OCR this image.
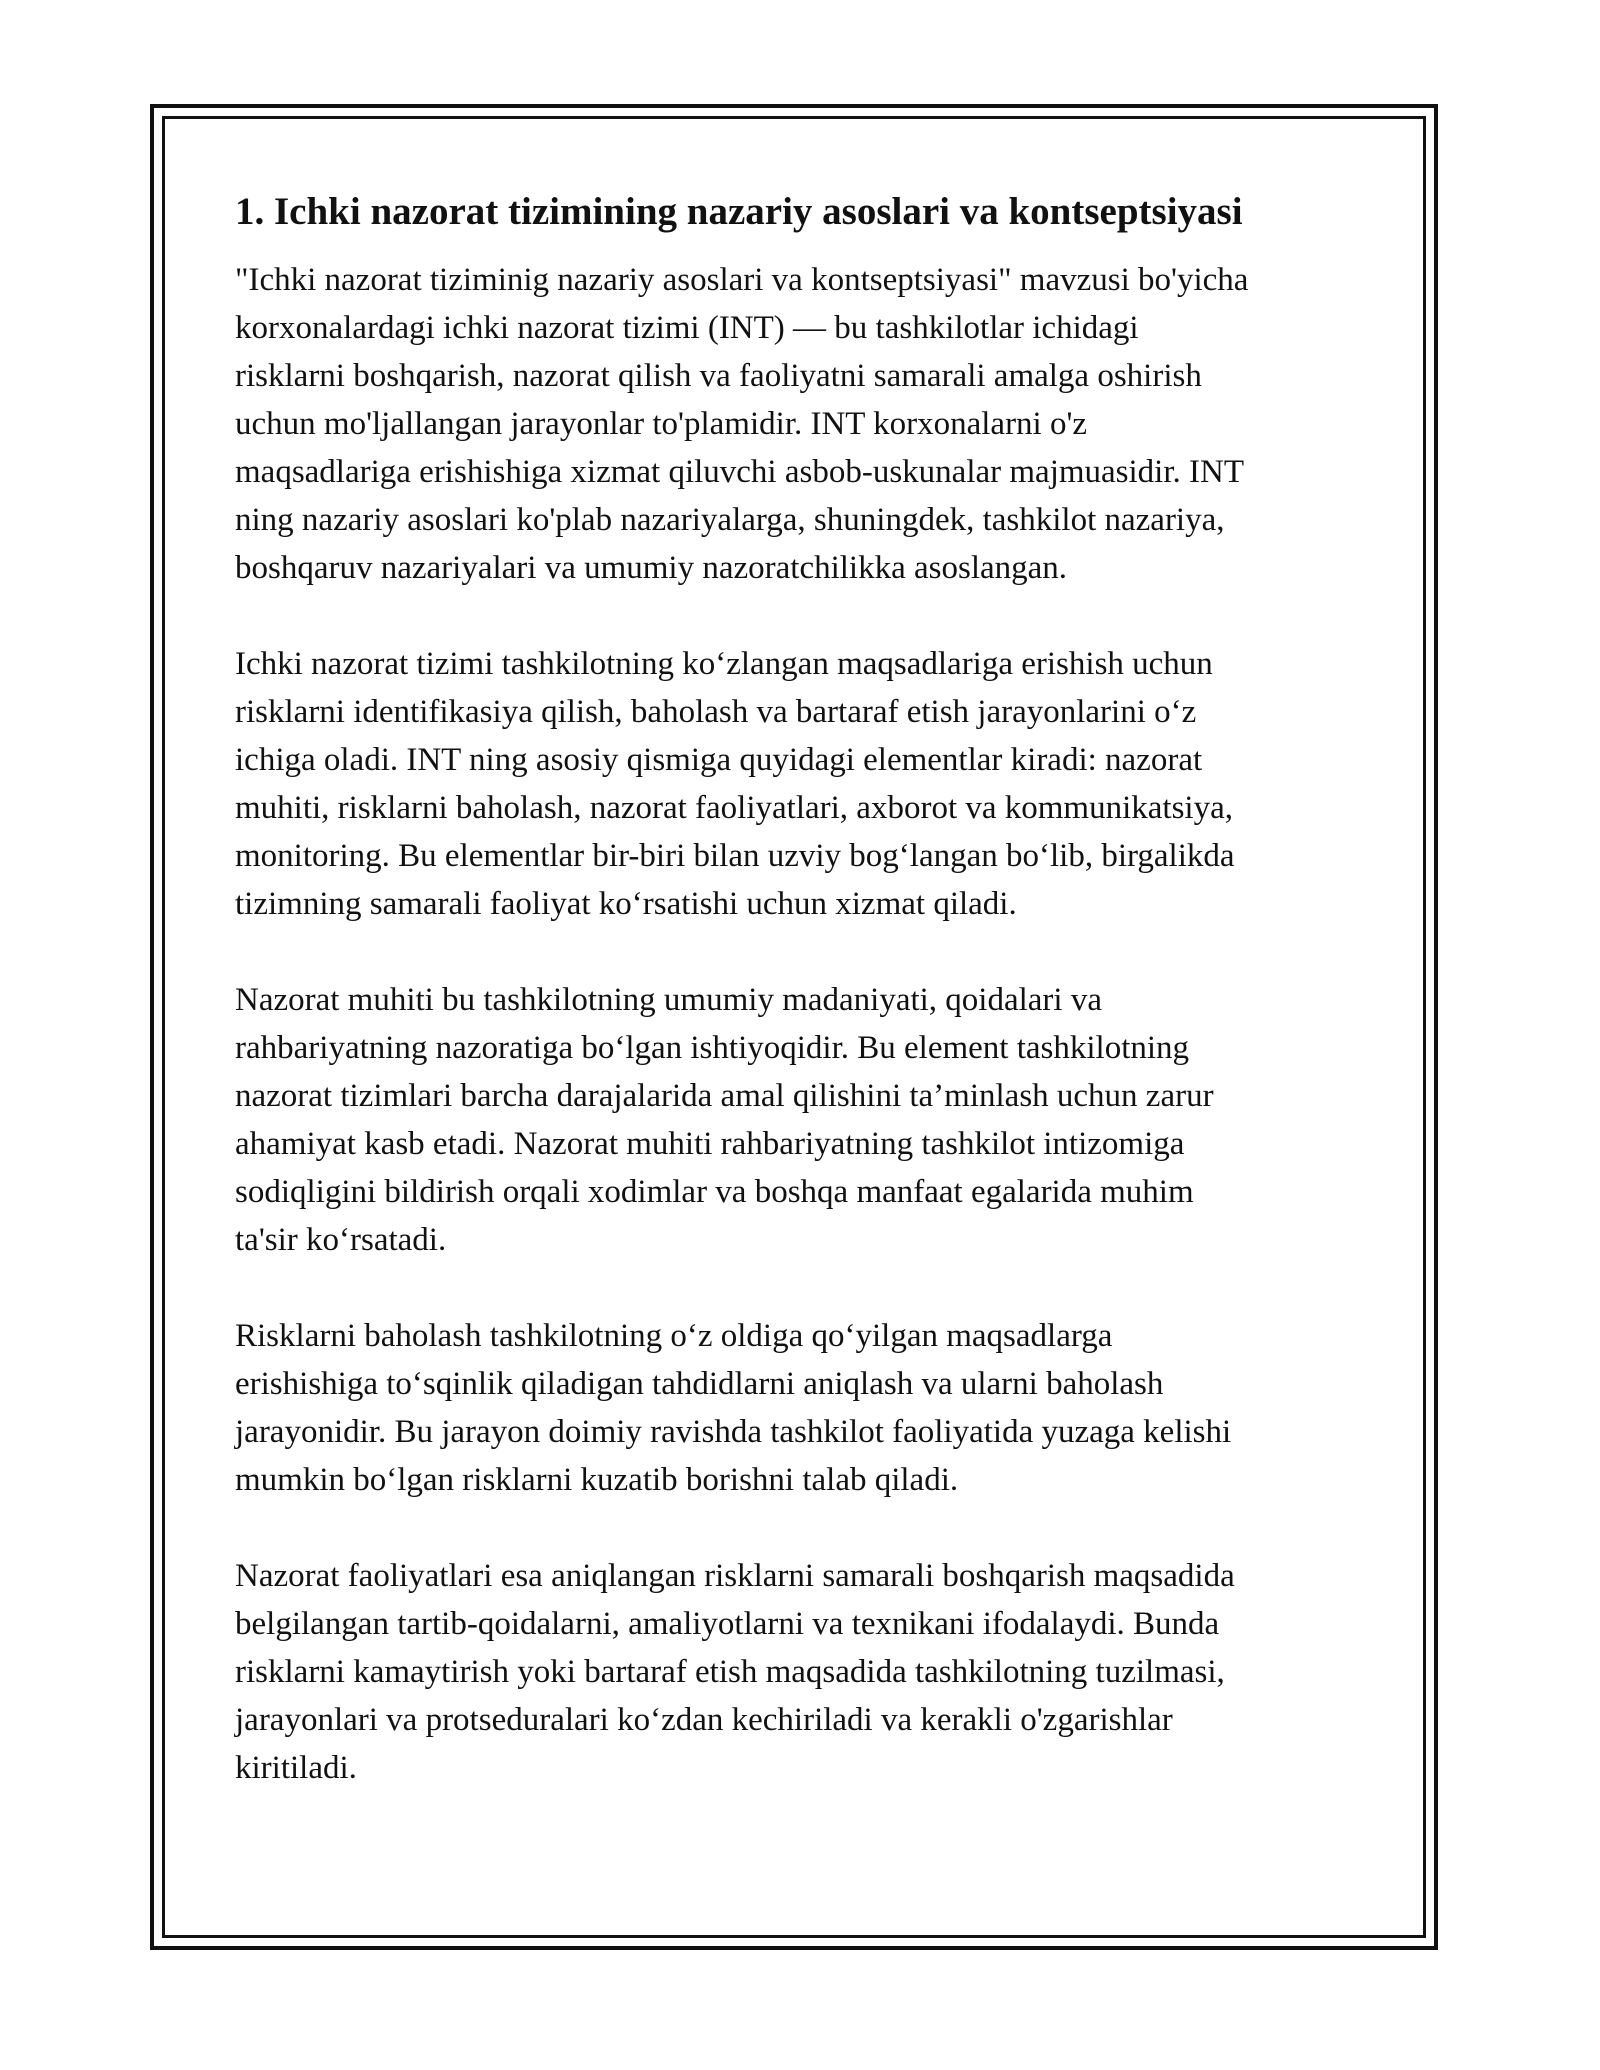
1. Ichki nazorat tizimining nazariy asoslari va kontseptsiyasi

"Ichki nazorat tiziminig nazariy asoslari va kontseptsiyasi" mavzusi bo'yicha
korxonalardagi ichki nazorat tizimi (INT) — bu tashkilotlar ichidagi
risklarni boshqarish, nazorat qilish va faoliyatni samarali amalga oshirish
uchun mo'ljallangan jarayonlar to'plamidir. INT korxonalarni o'z
maqsadlariga erishishiga xizmat qiluvchi asbob-uskunalar majmuasidir. INT
ning nazariy asoslari ko'plab nazariyalarga, shuningdek, tashkilot nazariya,
boshqaruv nazariyalari va umumiy nazoratchilikka asoslangan.

Ichki nazorat tizimi tashkilotning ko‘zlangan maqsadlariga erishish uchun
risklarni identifikasiya qilish, baholash va bartaraf etish jarayonlarini o‘z
ichiga oladi. INT ning asosiy qismiga quyidagi elementlar kiradi: nazorat
muhiti, risklarni baholash, nazorat faoliyatlari, axborot va kommunikatsiya,
monitoring. Bu elementlar bir-biri bilan uzviy bog‘langan bo‘lib, birgalikda
tizimning samarali faoliyat ko‘rsatishi uchun xizmat qiladi.

Nazorat muhiti bu tashkilotning umumiy madaniyati, qoidalari va
rahbariyatning nazoratiga bo‘lgan ishtiyoqidir. Bu element tashkilotning
nazorat tizimlari barcha darajalarida amal qilishini ta’minlash uchun zarur
ahamiyat kasb etadi. Nazorat muhiti rahbariyatning tashkilot intizomiga
sodiqligini bildirish orqali xodimlar va boshqa manfaat egalarida muhim
ta'sir ko‘rsatadi.

Risklarni baholash tashkilotning o‘z oldiga qo‘yilgan maqsadlarga
erishishiga to‘sqinlik qiladigan tahdidlarni aniqlash va ularni baholash
jarayonidir. Bu jarayon doimiy ravishda tashkilot faoliyatida yuzaga kelishi
mumkin bo‘lgan risklarni kuzatib borishni talab qiladi.

Nazorat faoliyatlari esa aniqlangan risklarni samarali boshqarish maqsadida
belgilangan tartib-qoidalarni, amaliyotlarni va texnikani ifodalaydi. Bunda
risklarni kamaytirish yoki bartaraf etish maqsadida tashkilotning tuzilmasi,
jarayonlari va protseduralari ko‘zdan kechiriladi va kerakli o'zgarishlar
kiritiladi.
